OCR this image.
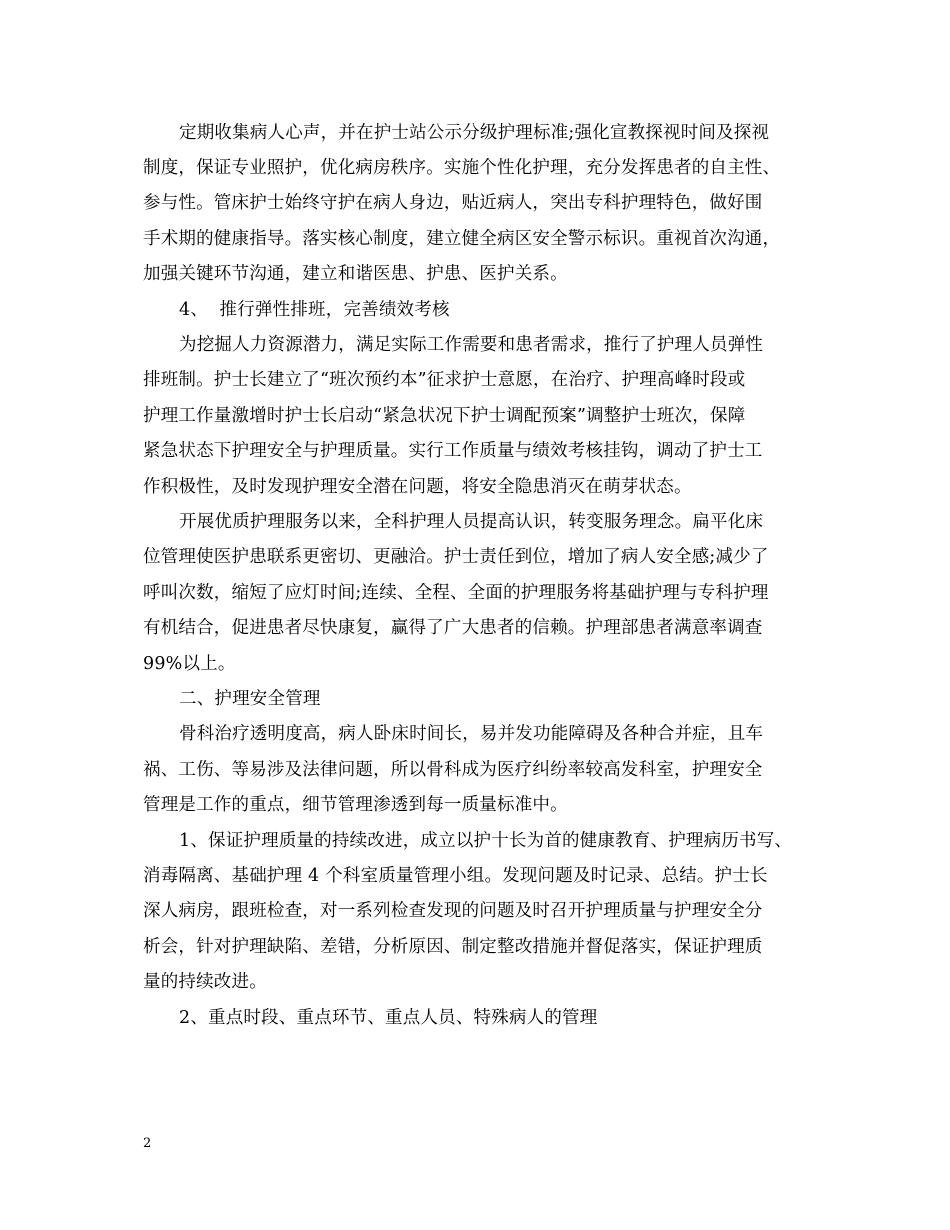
定期收集病人心声，并在护士站公示分级护理标准;强化宣教探视时间及探视
制度，保证专业照护，优化病房秩序。实施个性化护理，充分发挥患者的自主性、
参与性。管床护士始终守护在病人身边，贴近病人，突出专科护理特色，做好围
手术期的健康指导。落实核心制度，建立健全病区安全警示标识。重视首次沟通，
加强关键环节沟通，建立和谐医患、护患、医护关系。
4、  推行弹性排班，完善绩效考核
为挖掘人力资源潜力，满足实际工作需要和患者需求，推行了护理人员弹性
排班制。护士长建立了“班次预约本”征求护士意愿，在治疗、护理高峰时段或
护理工作量激增时护士长启动“紧急状况下护士调配预案”调整护士班次，保障
紧急状态下护理安全与护理质量。实行工作质量与绩效考核挂钩，调动了护士工
作积极性，及时发现护理安全潜在问题，将安全隐患消灭在萌芽状态。
开展优质护理服务以来，全科护理人员提高认识，转变服务理念。扁平化床
位管理使医护患联系更密切、更融洽。护士责任到位，增加了病人安全感;减少了
呼叫次数，缩短了应灯时间;连续、全程、全面的护理服务将基础护理与专科护理
有机结合，促进患者尽快康复，赢得了广大患者的信赖。护理部患者满意率调查
99%以上。
二、护理安全管理
骨科治疗透明度高，病人卧床时间长，易并发功能障碍及各种合并症，且车
祸、工伤、等易涉及法律问题，所以骨科成为医疗纠纷率较高发科室，护理安全
管理是工作的重点，细节管理渗透到每一质量标准中。
1、保证护理质量的持续改进，成立以护十长为首的健康教育、护理病历书写、
消毒隔离、基础护理 4 个科室质量管理小组。发现问题及时记录、总结。护士长
深人病房，跟班检查，对一系列检查发现的问题及时召开护理质量与护理安全分
析会，针对护理缺陷、差错，分析原因、制定整改措施并督促落实，保证护理质
量的持续改进。
2、重点时段、重点环节、重点人员、特殊病人的管理
2
